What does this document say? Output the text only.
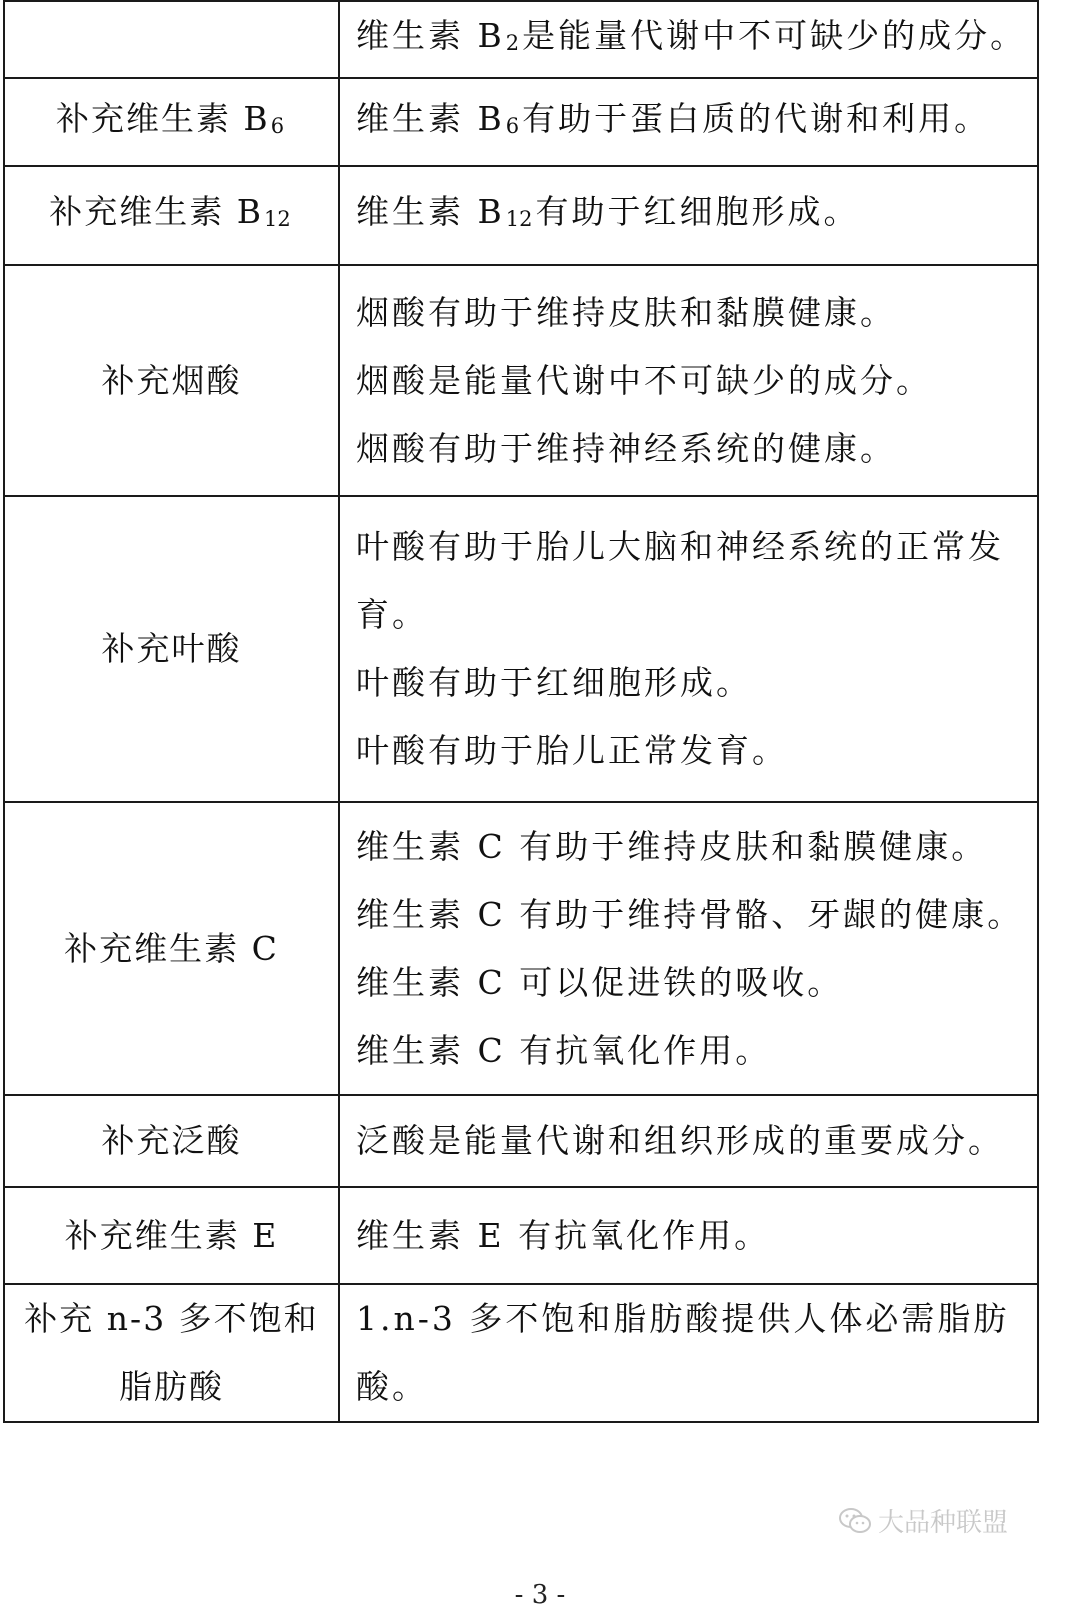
	维生素 B2是能量代谢中不可缺少的成分。

补充维生素 B6	维生素 B6有助于蛋白质的代谢和利用。

补充维生素 B12	维生素 B12有助于红细胞形成。

补充烟酸	烟酸有助于维持皮肤和黏膜健康。
烟酸是能量代谢中不可缺少的成分。
烟酸有助于维持神经系统的健康。

补充叶酸	叶酸有助于胎儿大脑和神经系统的正常发育。
叶酸有助于红细胞形成。
叶酸有助于胎儿正常发育。

补充维生素 C	维生素 C 有助于维持皮肤和黏膜健康。
维生素 C 有助于维持骨骼、牙龈的健康。
维生素 C 可以促进铁的吸收。
维生素 C 有抗氧化作用。

补充泛酸	泛酸是能量代谢和组织形成的重要成分。

补充维生素 E	维生素 E 有抗氧化作用。

补充 n-3 多不饱和
脂肪酸	1.n-3 多不饱和脂肪酸提供人体必需脂肪酸。
大品种联盟
- 3 -
